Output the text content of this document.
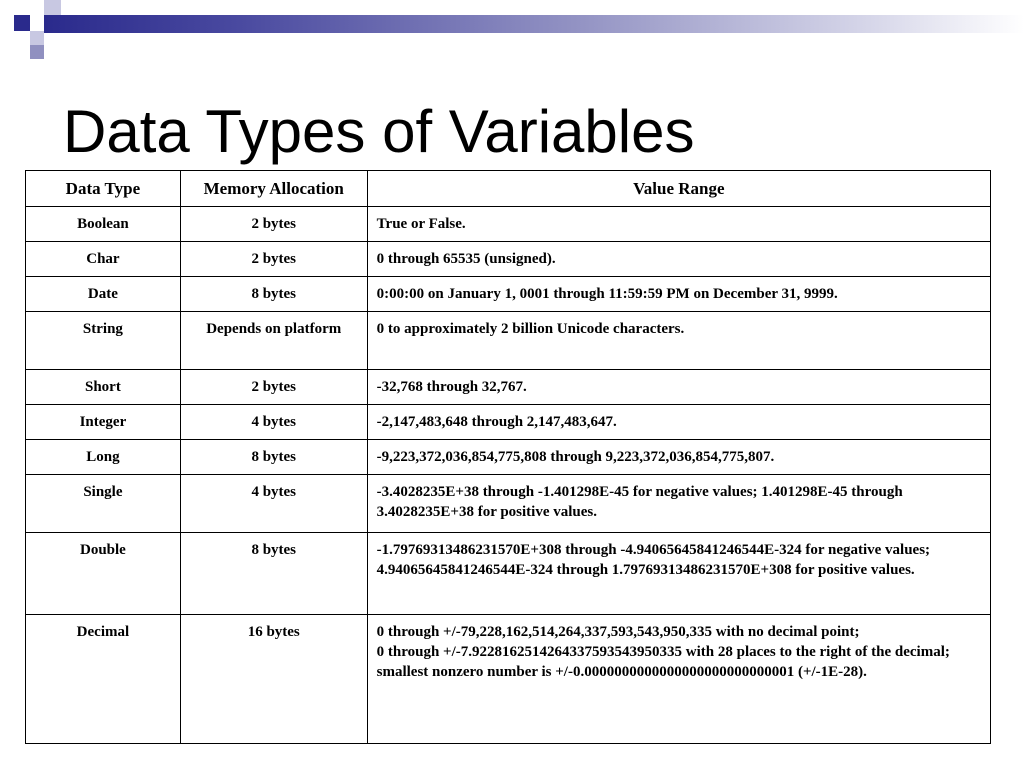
Data Types of Variables
Data Type	Memory Allocation	Value Range
Boolean	2 bytes	True or False.

Char	2 bytes	0 through 65535 (unsigned).

Date	8 bytes	0:00:00 on January 1, 0001 through 11:59:59 PM on December 31, 9999.

String	Depends on platform	0 to approximately 2 billion Unicode characters.

Short	2 bytes	-32,768 through 32,767.

Integer	4 bytes	-2,147,483,648 through 2,147,483,647.

Long	8 bytes	-9,223,372,036,854,775,808 through 9,223,372,036,854,775,807.

Single	4 bytes	-3.4028235E+38 through -1.401298E-45 for negative values; 1.401298E-45 through 3.4028235E+38 for positive values.

Double	8 bytes	-1.79769313486231570E+308 through -4.94065645841246544E-324 for negative values; 4.94065645841246544E-324 through 1.79769313486231570E+308 for positive values.

Decimal	16 bytes	0 through +/-79,228,162,514,264,337,593,543,950,335 with no decimal point;
0 through +/-7.9228162514264337593543950335 with 28 places to the right of the decimal; smallest nonzero number is +/-0.0000000000000000000000000001 (+/-1E-28).
